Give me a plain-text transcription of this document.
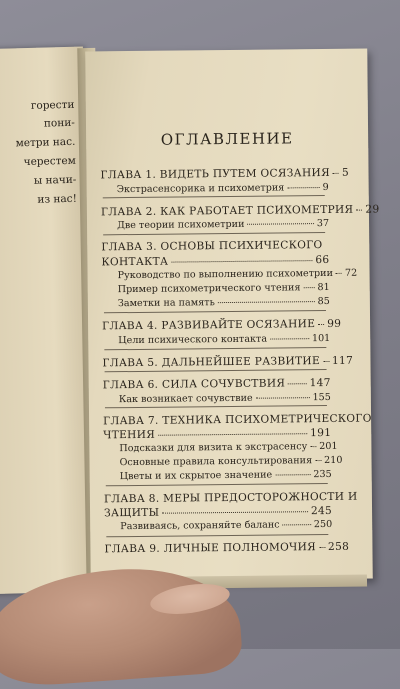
горести
пони-
метри нас.
черестем
ы начи-
из нас!
ОГЛАВЛЕНИЕ
ГЛАВА 1. ВИДЕТЬ ПУТЕМ ОСЯЗАНИЯ 5
Экстрасенсорика и психометрия	9
ГЛАВА 2. КАК РАБОТАЕТ ПСИХОМЕТРИЯ 29
Две теории психометрии	37
ГЛАВА 3. ОСНОВЫ ПСИХИЧЕСКОГО
КОНТАКТА	66
Руководство по выполнению психометрии 72
Пример психометрического чтения 81
Заметки на память	85
ГЛАВА 4. РАЗВИВАЙТЕ ОСЯЗАНИЕ 99
Цели психического контакта	101
ГЛАВА 5. ДАЛЬНЕЙШЕЕ РАЗВИТИЕ 117
ГЛАВА 6. СИЛА СОЧУВСТВИЯ 147
Как возникает сочувствие	155
ГЛАВА 7. ТЕХНИКА ПСИХОМЕТРИЧЕСКОГО
ЧТЕНИЯ	191
Подсказки для визита к экстрасенсу 201
Основные правила консультирования 210
Цветы и их скрытое значение	235
ГЛАВА 8. МЕРЫ ПРЕДОСТОРОЖНОСТИ И
ЗАЩИТЫ	245
Развиваясь, сохраняйте баланс	250
ГЛАВА 9. ЛИЧНЫЕ ПОЛНОМОЧИЯ 258
